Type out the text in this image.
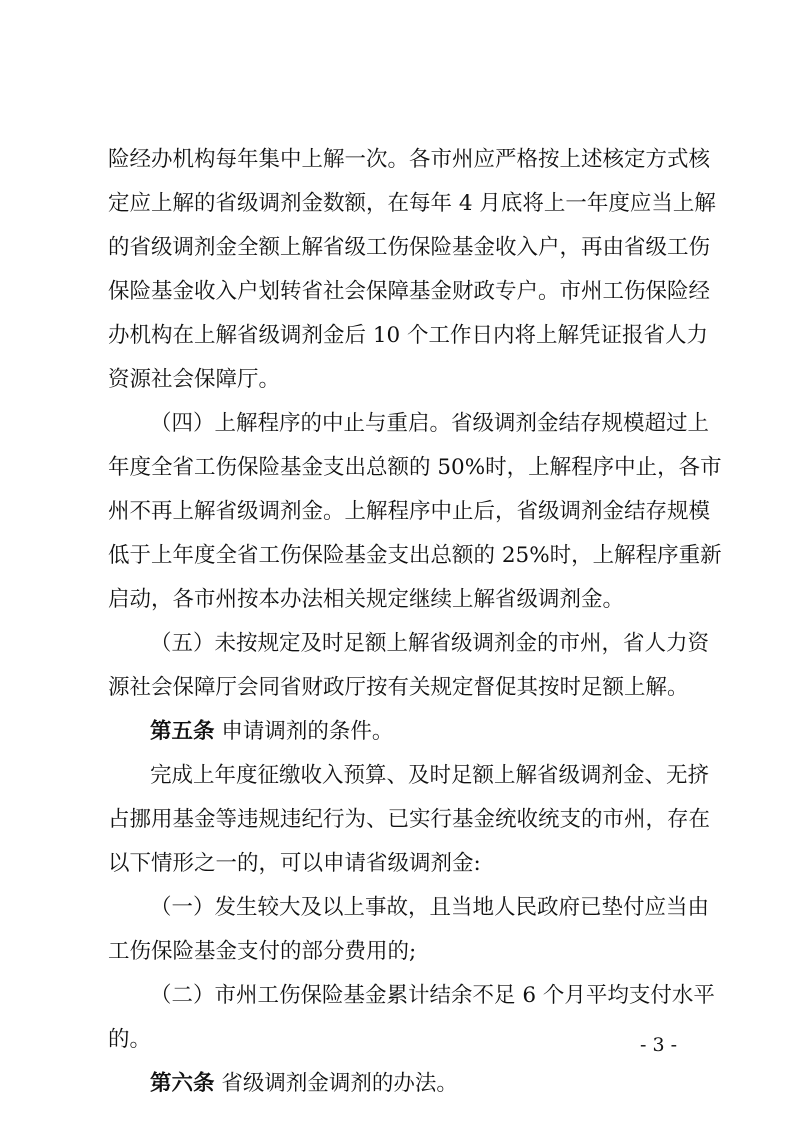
险经办机构每年集中上解一次。各市州应严格按上述核定方式核
定应上解的省级调剂金数额，在每年 4 月底将上一年度应当上解
的省级调剂金全额上解省级工伤保险基金收入户，再由省级工伤
保险基金收入户划转省社会保障基金财政专户。市州工伤保险经
办机构在上解省级调剂金后 10 个工作日内将上解凭证报省人力
资源社会保障厅。
（四）上解程序的中止与重启。省级调剂金结存规模超过上
年度全省工伤保险基金支出总额的 50%时，上解程序中止，各市
州不再上解省级调剂金。上解程序中止后，省级调剂金结存规模
低于上年度全省工伤保险基金支出总额的 25%时，上解程序重新
启动，各市州按本办法相关规定继续上解省级调剂金。
（五）未按规定及时足额上解省级调剂金的市州，省人力资
源社会保障厅会同省财政厅按有关规定督促其按时足额上解。
第五条 申请调剂的条件。
完成上年度征缴收入预算、及时足额上解省级调剂金、无挤
占挪用基金等违规违纪行为、已实行基金统收统支的市州，存在
以下情形之一的，可以申请省级调剂金:
（一）发生较大及以上事故，且当地人民政府已垫付应当由
工伤保险基金支付的部分费用的;
（二）市州工伤保险基金累计结余不足 6 个月平均支付水平
的。
第六条 省级调剂金调剂的办法。
- 3 -
